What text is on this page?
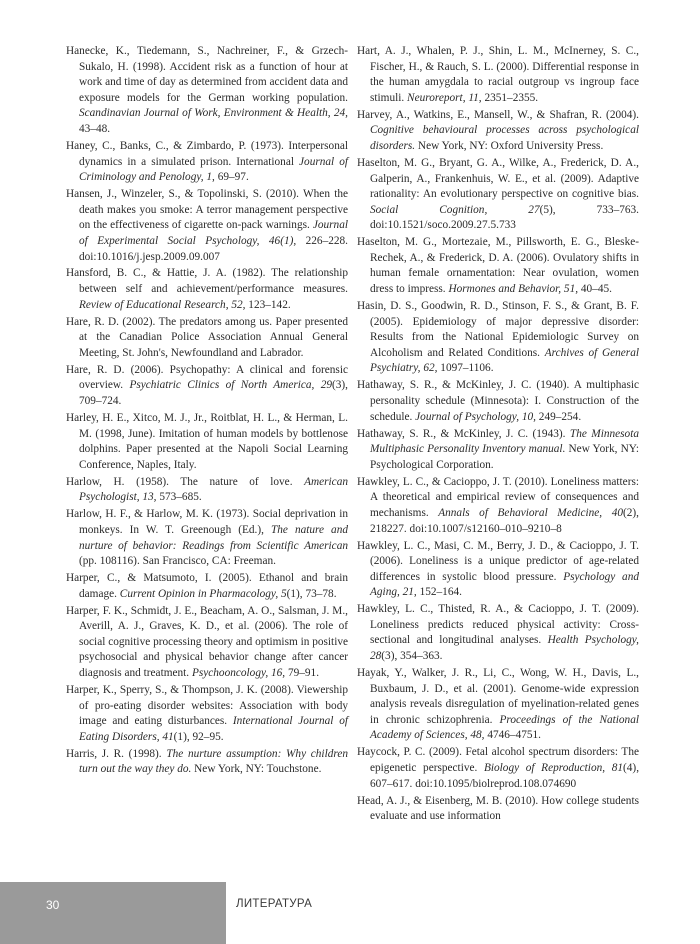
Hanecke, K., Tiedemann, S., Nachreiner, F., & Grzech-Sukalo, H. (1998). Accident risk as a function of hour at work and time of day as determined from accident data and exposure models for the German working population. Scandinavian Journal of Work, Environment & Health, 24, 43–48.

Haney, C., Banks, C., & Zimbardo, P. (1973). Interpersonal dynamics in a simulated prison. International Journal of Criminology and Penology, 1, 69–97.

Hansen, J., Winzeler, S., & Topolinski, S. (2010). When the death makes you smoke: A terror management perspective on the effectiveness of cigarette on-pack warnings. Journal of Experimental Social Psychology, 46(1), 226–228. doi:10.1016/j.jesp.2009.09.007

Hansford, B. C., & Hattie, J. A. (1982). The relationship between self and achievement/performance measures. Review of Educational Research, 52, 123–142.

Hare, R. D. (2002). The predators among us. Paper presented at the Canadian Police Association Annual General Meeting, St. John's, Newfoundland and Labrador.

Hare, R. D. (2006). Psychopathy: A clinical and forensic overview. Psychiatric Clinics of North America, 29(3), 709–724.

Harley, H. E., Xitco, M. J., Jr., Roitblat, H. L., & Herman, L. M. (1998, June). Imitation of human models by bottlenose dolphins. Paper presented at the Napoli Social Learning Conference, Naples, Italy.

Harlow, H. (1958). The nature of love. American Psychologist, 13, 573–685.

Harlow, H. F., & Harlow, M. K. (1973). Social deprivation in monkeys. In W. T. Greenough (Ed.), The nature and nurture of behavior: Readings from Scientific American (pp. 108116). San Francisco, CA: Freeman.

Harper, C., & Matsumoto, I. (2005). Ethanol and brain damage. Current Opinion in Pharmacology, 5(1), 73–78.

Harper, F. K., Schmidt, J. E., Beacham, A. O., Salsman, J. M., Averill, A. J., Graves, K. D., et al. (2006). The role of social cognitive processing theory and optimism in positive psychosocial and physical behavior change after cancer diagnosis and treatment. Psychooncology, 16, 79–91.

Harper, K., Sperry, S., & Thompson, J. K. (2008). Viewership of pro-eating disorder websites: Association with body image and eating disturbances. International Journal of Eating Disorders, 41(1), 92–95.

Harris, J. R. (1998). The nurture assumption: Why children turn out the way they do. New York, NY: Touchstone.

Hart, A. J., Whalen, P. J., Shin, L. M., McInerney, S. C., Fischer, H., & Rauch, S. L. (2000). Differential response in the human amygdala to racial outgroup vs ingroup face stimuli. Neuroreport, 11, 2351–2355.

Harvey, A., Watkins, E., Mansell, W., & Shafran, R. (2004). Cognitive behavioural processes across psychological disorders. New York, NY: Oxford University Press.

Haselton, M. G., Bryant, G. A., Wilke, A., Frederick, D. A., Galperin, A., Frankenhuis, W. E., et al. (2009). Adaptive rationality: An evolutionary perspective on cognitive bias. Social Cognition, 27(5), 733–763. doi:10.1521/soco.2009.27.5.733

Haselton, M. G., Mortezaie, M., Pillsworth, E. G., Bleske-Rechek, A., & Frederick, D. A. (2006). Ovulatory shifts in human female ornamentation: Near ovulation, women dress to impress. Hormones and Behavior, 51, 40–45.

Hasin, D. S., Goodwin, R. D., Stinson, F. S., & Grant, B. F. (2005). Epidemiology of major depressive disorder: Results from the National Epidemiologic Survey on Alcoholism and Related Conditions. Archives of General Psychiatry, 62, 1097–1106.

Hathaway, S. R., & McKinley, J. C. (1940). A multiphasic personality schedule (Minnesota): I. Construction of the schedule. Journal of Psychology, 10, 249–254.

Hathaway, S. R., & McKinley, J. C. (1943). The Minnesota Multiphasic Personality Inventory manual. New York, NY: Psychological Corporation.

Hawkley, L. C., & Cacioppo, J. T. (2010). Loneliness matters: A theoretical and empirical review of consequences and mechanisms. Annals of Behavioral Medicine, 40(2), 218227. doi:10.1007/s12160–010–9210–8

Hawkley, L. C., Masi, C. M., Berry, J. D., & Cacioppo, J. T. (2006). Loneliness is a unique predictor of age-related differences in systolic blood pressure. Psychology and Aging, 21, 152–164.

Hawkley, L. C., Thisted, R. A., & Cacioppo, J. T. (2009). Loneliness predicts reduced physical activity: Cross-sectional and longitudinal analyses. Health Psychology, 28(3), 354–363.

Hayak, Y., Walker, J. R., Li, C., Wong, W. H., Davis, L., Buxbaum, J. D., et al. (2001). Genome-wide expression analysis reveals disregulation of myelination-related genes in chronic schizophrenia. Proceedings of the National Academy of Sciences, 48, 4746–4751.

Haycock, P. C. (2009). Fetal alcohol spectrum disorders: The epigenetic perspective. Biology of Reproduction, 81(4), 607–617. doi:10.1095/biolreprod.108.074690

Head, A. J., & Eisenberg, M. B. (2010). How college students evaluate and use information

30	ЛИТЕРАТУРА
